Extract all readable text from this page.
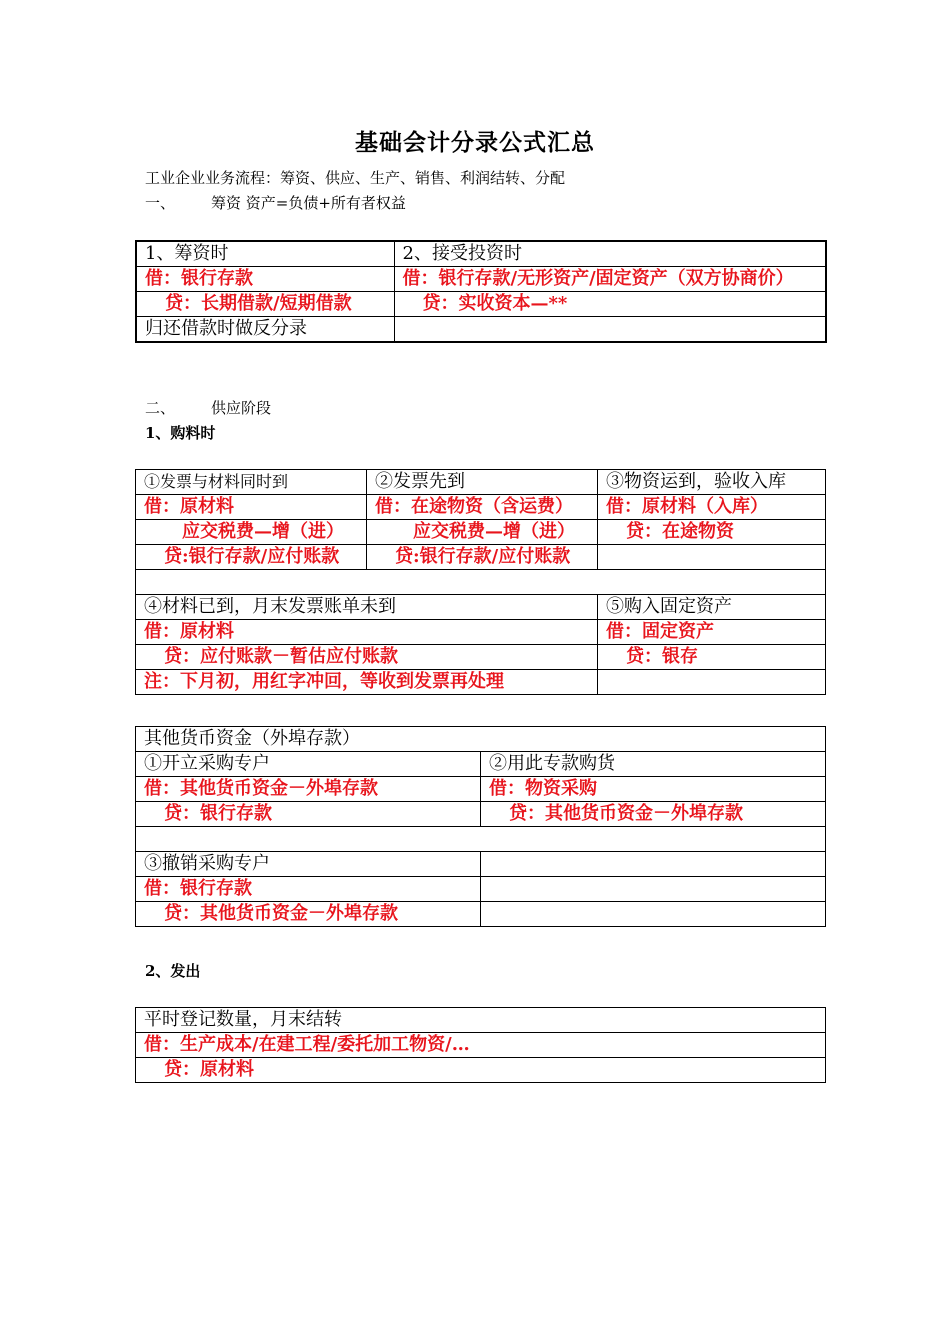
基础会计分录公式汇总
工业企业业务流程：筹资、供应、生产、销售、利润结转、分配
一、 筹资 资产=负债+所有者权益
1、筹资时	2、接受投资时
借：银行存款	借：银行存款/无形资产/固定资产（双方协商价）
贷：长期借款/短期借款	贷：实收资本—**
归还借款时做反分录	
二、 供应阶段
1、购料时
①发票与材料同时到	②发票先到	③物资运到，验收入库
借：原材料	借：在途物资（含运费）	借：原材料（入库）
应交税费—增（进）	应交税费—增（进）	贷：在途物资
贷:银行存款/应付账款	贷:银行存款/应付账款	

④材料已到，月末发票账单未到		⑤购入固定资产
借：原材料		借：固定资产
贷：应付账款－暂估应付账款		贷：银存
注：下月初，用红字冲回，等收到发票再处理		
其他货币资金（外埠存款）	
①开立采购专户	②用此专款购货
借：其他货币资金－外埠存款	借：物资采购
贷：银行存款	贷：其他货币资金－外埠存款

③撤销采购专户	
借：银行存款	
贷：其他货币资金－外埠存款	
2、发出
平时登记数量，月末结转
借：生产成本/在建工程/委托加工物资/…
贷：原材料
